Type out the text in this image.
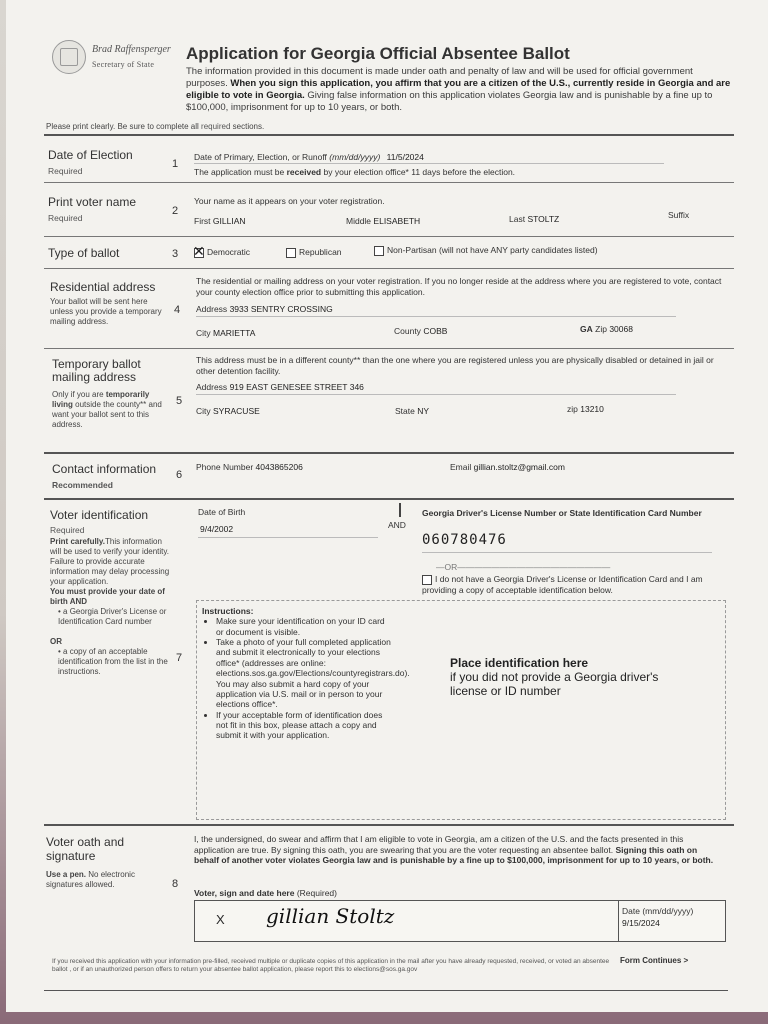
Brad Raffensperger
Secretary of State
Application for Georgia Official Absentee Ballot
The information provided in this document is made under oath and penalty of law and will be used for official government purposes. When you sign this application, you affirm that you are a citizen of the U.S., currently reside in Georgia and are eligible to vote in Georgia. Giving false information on this application violates Georgia law and is punishable by a fine up to $100,000, imprisonment for up to 10 years, or both.
Please print clearly. Be sure to complete all required sections.
Date of Election
Required
1
Date of Primary, Election, or Runoff (mm/dd/yyyy) 11/5/2024
The application must be received by your election office* 11 days before the election.
Print voter name
Required
2
Your name as it appears on your voter registration.
First GILLIAN	Middle ELISABETH	Last STOLTZ	Suffix
Type of ballot	3
✕	Democratic	Republican	Non-Partisan (will not have ANY party candidates listed)
Residential address
Your ballot will be sent here unless you provide a temporary mailing address.
4
The residential or mailing address on your voter registration. If you no longer reside at the address where you are registered to vote, contact your county election office prior to submitting this application.
Address 3933 SENTRY CROSSING
City MARIETTA	County COBB	GA Zip 30068
Temporary ballot mailing address
Only if you are temporarily living outside the county** and want your ballot sent to this address.
5
This address must be in a different county** than the one where you are registered unless you are physically disabled or detained in jail or other detention facility.
Address 919 EAST GENESEE STREET 346
City SYRACUSE	State NY	zip 13210
Contact information
Recommended
6
Phone Number 4043865206	Email gillian.stoltz@gmail.com
Voter identification
Required
Print carefully.This information will be used to verify your identity. Failure to provide accurate information may delay processing your application.
You must provide your date of birth AND
• a Georgia Driver's License or Identification Card number
OR
• a copy of an acceptable identification from the list in the instructions.
7
Date of Birth
9/4/2002	AND
Georgia Driver's License Number or State Identification Card Number
060780476
—OR——————————————————
I do not have a Georgia Driver's License or Identification Card and I am providing a copy of acceptable identification below.
Instructions:
• Make sure your identification on your ID card or document is visible.
• Take a photo of your full completed application and submit it electronically to your elections office* (addresses are online: elections.sos.ga.gov/Elections/countyregistrars.do). You may also submit a hard copy of your application via U.S. mail or in person to your elections office*.
• If your acceptable form of identification does not fit in this box, please attach a copy and submit it with your application.
Place identification here
if you did not provide a Georgia driver's license or ID number
Voter oath and signature
Use a pen. No electronic signatures allowed.	8
I, the undersigned, do swear and affirm that I am eligible to vote in Georgia, am a citizen of the U.S. and the facts presented in this application are true. By signing this oath, you are swearing that you are the voter requesting an absentee ballot. Signing this oath on behalf of another voter violates Georgia law and is punishable by a fine up to $100,000, imprisonment for up to 10 years, or both.
Voter, sign and date here (Required)
X gillian Stoltz	Date (mm/dd/yyyy)
9/15/2024
If you received this application with your information pre-filled, received multiple or duplicate copies of this application in the mail after you have already requested, received, or voted an absentee ballot , or if an unauthorized person offers to return your absentee ballot application, please report this to elections@sos.ga.gov
Form Continues >
